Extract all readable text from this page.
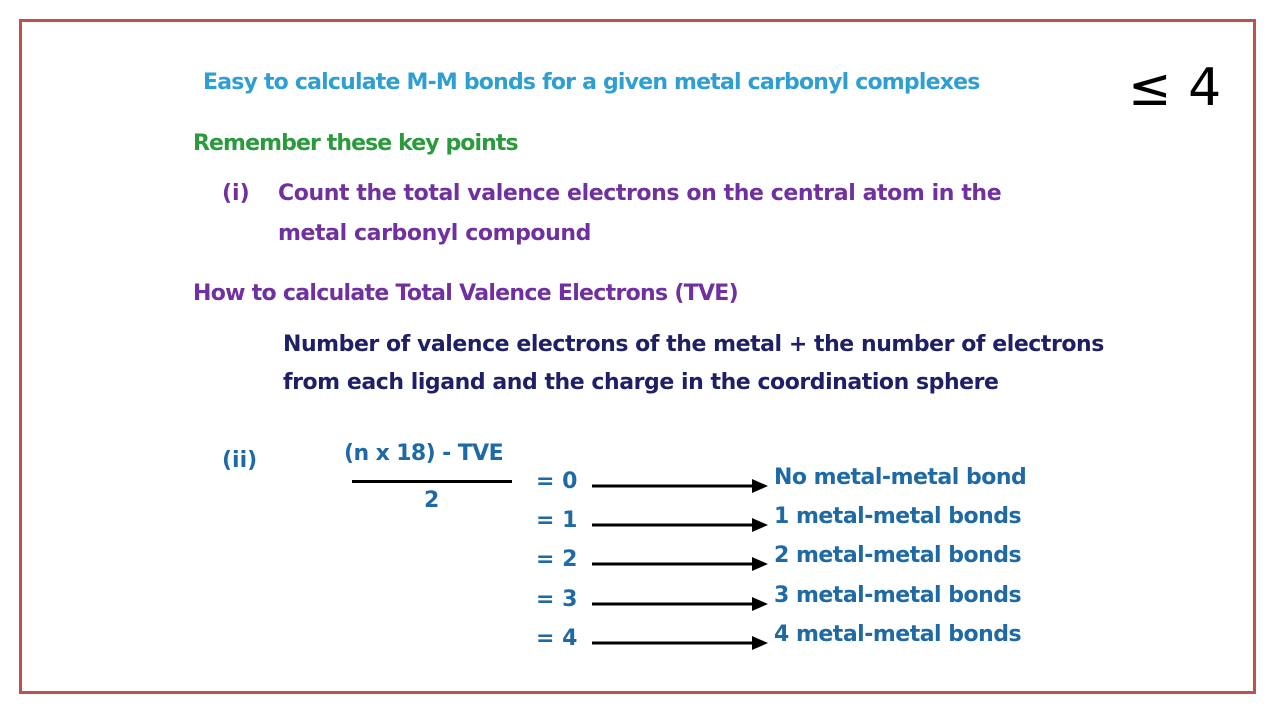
Easy to calculate M-M bonds for a given metal carbonyl complexes	≤ 4

Remember these key points

(i) Count the total valence electrons on the central atom in the

metal carbonyl compound

How to calculate Total Valence Electrons (TVE)

Number of valence electrons of the metal + the number of electrons

from each ligand and the charge in the coordination sphere

(ii)	(n x 18) - TVE

2

= 0	No metal-metal bond
= 1	1 metal-metal bonds
= 2	2 metal-metal bonds
= 3	3 metal-metal bonds
= 4	4 metal-metal bonds
